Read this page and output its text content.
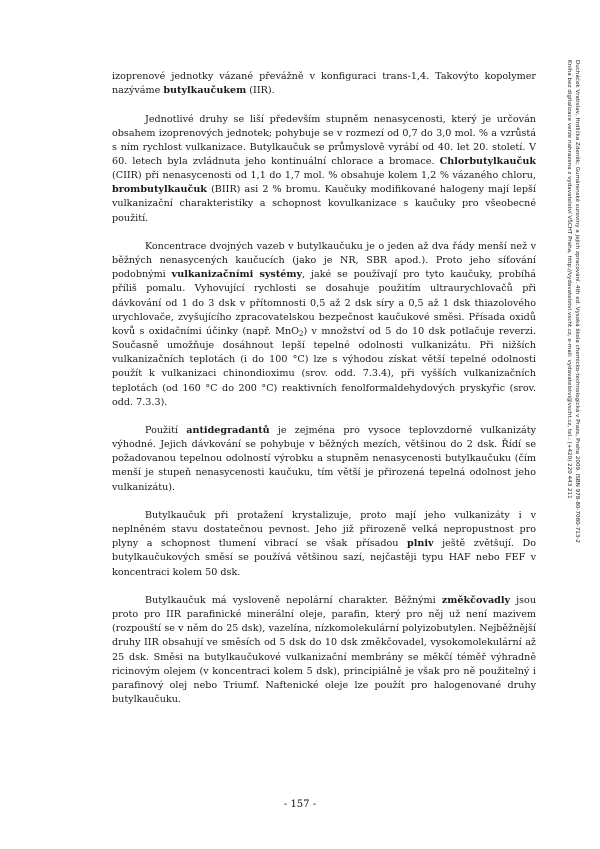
Ducháček Vratislav, Hrdlička Zdeněk: Gumárenské suroviny a jejich zpracování. 4th ed. Vysoká škola chemicko-technologická v Praze, Praha 2009. ISBN 978-80-7080-713-2
Kniha bez digitalizace verze nahrazena z vydavatelství VŠCHT Praha, http://vydavatelstvi.vscht.cz, e-mail: vydavatelstvi@vscht.cz, tel.: (+420) 220 443 211

izoprenové jednotky vázané převážně v konfiguraci trans-1,4. Takovýto kopolymer nazýváme butylkaučukem (IIR).

Jednotlivé druhy se liší především stupněm nenasycenosti, který je určován obsahem izoprenových jednotek; pohybuje se v rozmezí od 0,7 do 3,0 mol. % a vzrůstá s ním rychlost vulkanizace. Butylkaučuk se průmyslově vyrábí od 40. let 20. století. V 60. letech byla zvládnuta jeho kontinuální chlorace a bromace. Chlorbutylkaučuk (CIIR) při nenasycenosti od 1,1 do 1,7 mol. % obsahuje kolem 1,2 % vázaného chloru, brombutylkaučuk (BIIR) asi 2 % bromu. Kaučuky modifikované halogeny mají lepší vulkanizační charakteristiky a schopnost kovulkanizace s kaučuky pro všeobecné použití.

Koncentrace dvojných vazeb v butylkaučuku je o jeden až dva řády menší než v běžných nenasycených kaučucích (jako je NR, SBR apod.). Proto jeho síťování podobnými vulkanizačními systémy, jaké se používají pro tyto kaučuky, probíhá příliš pomalu. Vyhovující rychlosti se dosahuje použitím ultraurychlovačů při dávkování od 1 do 3 dsk v přítomnosti 0,5 až 2 dsk síry a 0,5 až 1 dsk thiazolového urychlovače, zvyšujícího zpracovatelskou bezpečnost kaučukové směsi. Přísada oxidů kovů s oxidačními účinky (např. MnO$_2$) v množství od 5 do 10 dsk potlačuje reverzi. Současně umožňuje dosáhnout lepší tepelné odolnosti vulkanizátu. Při nižších vulkanizačních teplotách (i do 100 °C) lze s výhodou získat větší tepelné odolnosti použít k vulkanizaci chinondioximu (srov. odd. 7.3.4), při vyšších vulkanizačních teplotách (od 160 °C do 200 °C) reaktivních fenolformaldehydových pryskyřic (srov. odd. 7.3.3).

Použití antidegradantů je zejména pro vysoce teplovzdorné vulkanizáty výhodné. Jejich dávkování se pohybuje v běžných mezích, většinou do 2 dsk. Řídí se požadovanou tepelnou odolností výrobku a stupněm nenasycenosti butylkaučuku (čím menší je stupeň nenasycenosti kaučuku, tím větší je přirozená tepelná odolnost jeho vulkanizátu).

Butylkaučuk při protažení krystalizuje, proto mají jeho vulkanizáty i v neplněném stavu dostatečnou pevnost. Jeho již přirozeně velká nepropustnost pro plyny a schopnost tlumení vibrací se však přísadou plniv ještě zvětšují. Do butylkaučukových směsí se používá většinou sazí, nejčastěji typu HAF nebo FEF v koncentraci kolem 50 dsk.

Butylkaučuk má vysloveně nepolární charakter. Běžnými změkčovadly jsou proto pro IIR parafinické minerální oleje, parafin, který pro něj už není mazivem (rozpouští se v něm do 25 dsk), vazelína, nízkomolekulární polyizobutylen. Nejběžnější druhy IIR obsahují ve směsích od 5 dsk do 10 dsk změkčovadel, vysokomolekulární až 25 dsk. Směsi na butylkaučukové vulkanizační membrány se měkčí téměř výhradně ricinovým olejem (v koncentraci kolem 5 dsk), principiálně je však pro ně použitelný i parafinový olej nebo Triumf. Naftenické oleje lze použít pro halogenované druhy butylkaučuku.

- 157 -
